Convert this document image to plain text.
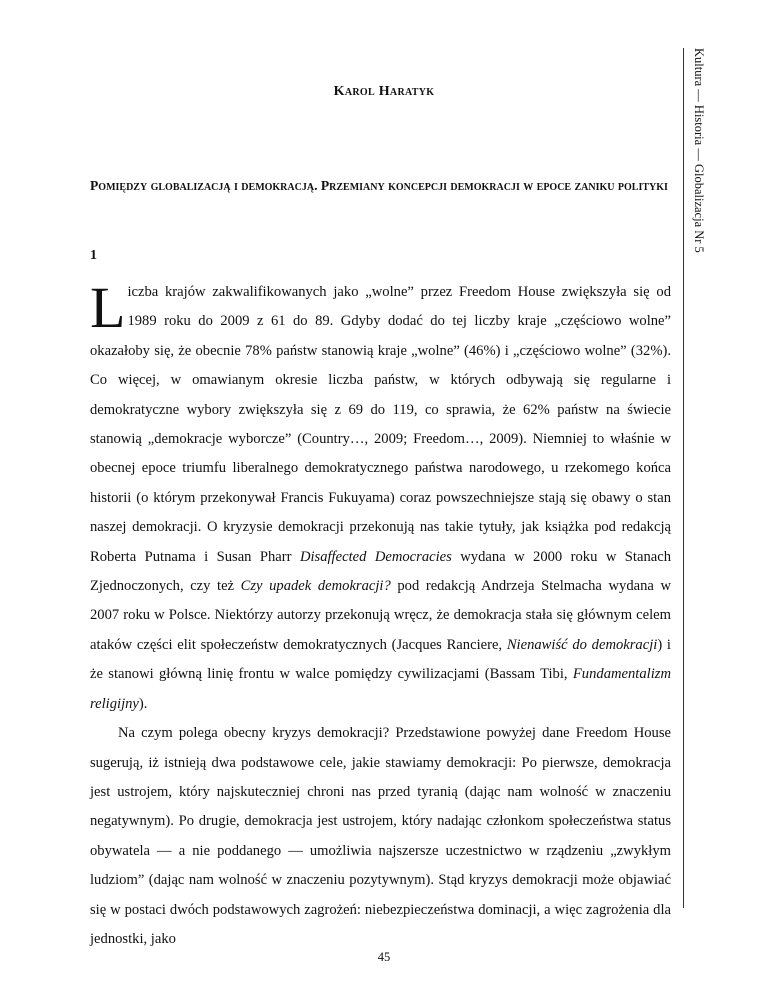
Karol Haratyk	Kultura — Historia — Globalizacja Nr 5
Pomiędzy globalizacją i demokracją. Przemiany koncepcji demokracji w epoce zaniku polityki
1

Liczba krajów zakwalifikowanych jako „wolne” przez Freedom House zwiększyła się od 1989 roku do 2009 z 61 do 89. Gdyby dodać do tej liczby kraje „częściowo wolne” okazałoby się, że obecnie 78% państw stanowią kraje „wolne” (46%) i „częściowo wolne” (32%). Co więcej, w omawianym okresie liczba państw, w których odbywają się regularne i demokratyczne wybory zwiększyła się z 69 do 119, co sprawia, że 62% państw na świecie stanowią „demokracje wyborcze” (Country…, 2009; Freedom…, 2009). Niemniej to właśnie w obecnej epoce triumfu liberalnego demokratycznego państwa narodowego, u rzekomego końca historii (o którym przekonywał Francis Fukuyama) coraz powszechniejsze stają się obawy o stan naszej demokracji. O kryzysie demokracji przekonują nas takie tytuły, jak książka pod redakcją Roberta Putnama i Susan Pharr Disaffected Democracies wydana w 2000 roku w Stanach Zjednoczonych, czy też Czy upadek demokracji? pod redakcją Andrzeja Stelmacha wydana w 2007 roku w Polsce. Niektórzy autorzy przekonują wręcz, że demokracja stała się głównym celem ataków części elit społeczeństw demokratycznych (Jacques Ranciere, Nienawiść do demokracji) i że stanowi główną linię frontu w walce pomiędzy cywilizacjami (Bassam Tibi, Fundamentalizm religijny).

Na czym polega obecny kryzys demokracji? Przedstawione powyżej dane Freedom House sugerują, iż istnieją dwa podstawowe cele, jakie stawiamy demokracji: Po pierwsze, demokracja jest ustrojem, który najskuteczniej chroni nas przed tyranią (dając nam wolność w znaczeniu negatywnym). Po drugie, demokracja jest ustrojem, który nadając członkom społeczeństwa status obywatela — a nie poddanego — umożliwia najszersze uczestnictwo w rządzeniu „zwykłym ludziom” (dając nam wolność w znaczeniu pozytywnym). Stąd kryzys demokracji może objawiać się w postaci dwóch podstawowych zagrożeń: niebezpieczeństwa dominacji, a więc zagrożenia dla jednostki, jako

45
